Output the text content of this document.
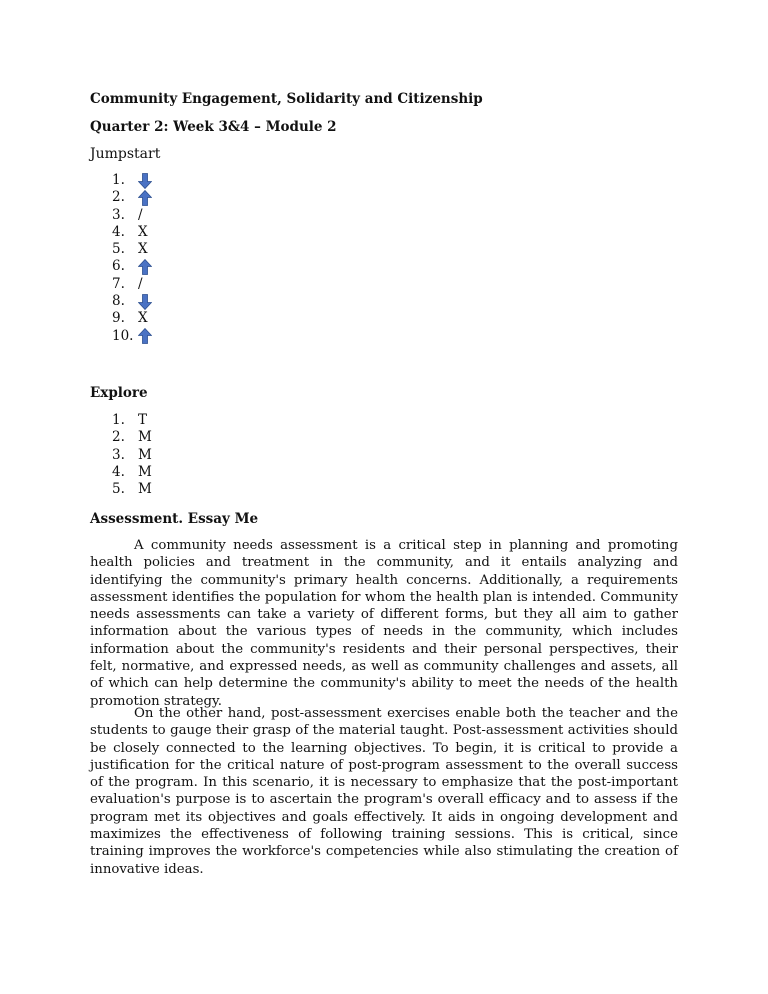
Community Engagement, Solidarity and Citizenship

Quarter 2: Week 3&4 – Module 2

Jumpstart

1.
2.
3. /
4. X
5. X
6.
7. /
8.
9. X
10.

Explore

1. T
2. M
3. M
4. M
5. M

Assessment. Essay Me

A community needs assessment is a critical step in planning and promoting health policies and treatment in the community, and it entails analyzing and identifying the community's primary health concerns. Additionally, a requirements assessment identifies the population for whom the health plan is intended. Community needs assessments can take a variety of different forms, but they all aim to gather information about the various types of needs in the community, which includes information about the community's residents and their personal perspectives, their felt, normative, and expressed needs, as well as community challenges and assets, all of which can help determine the community's ability to meet the needs of the health promotion strategy.

On the other hand, post-assessment exercises enable both the teacher and the students to gauge their grasp of the material taught. Post-assessment activities should be closely connected to the learning objectives. To begin, it is critical to provide a justification for the critical nature of post-program assessment to the overall success of the program. In this scenario, it is necessary to emphasize that the post-important evaluation's purpose is to ascertain the program's overall efficacy and to assess if the program met its objectives and goals effectively. It aids in ongoing development and maximizes the effectiveness of following training sessions. This is critical, since training improves the workforce's competencies while also stimulating the creation of innovative ideas.
